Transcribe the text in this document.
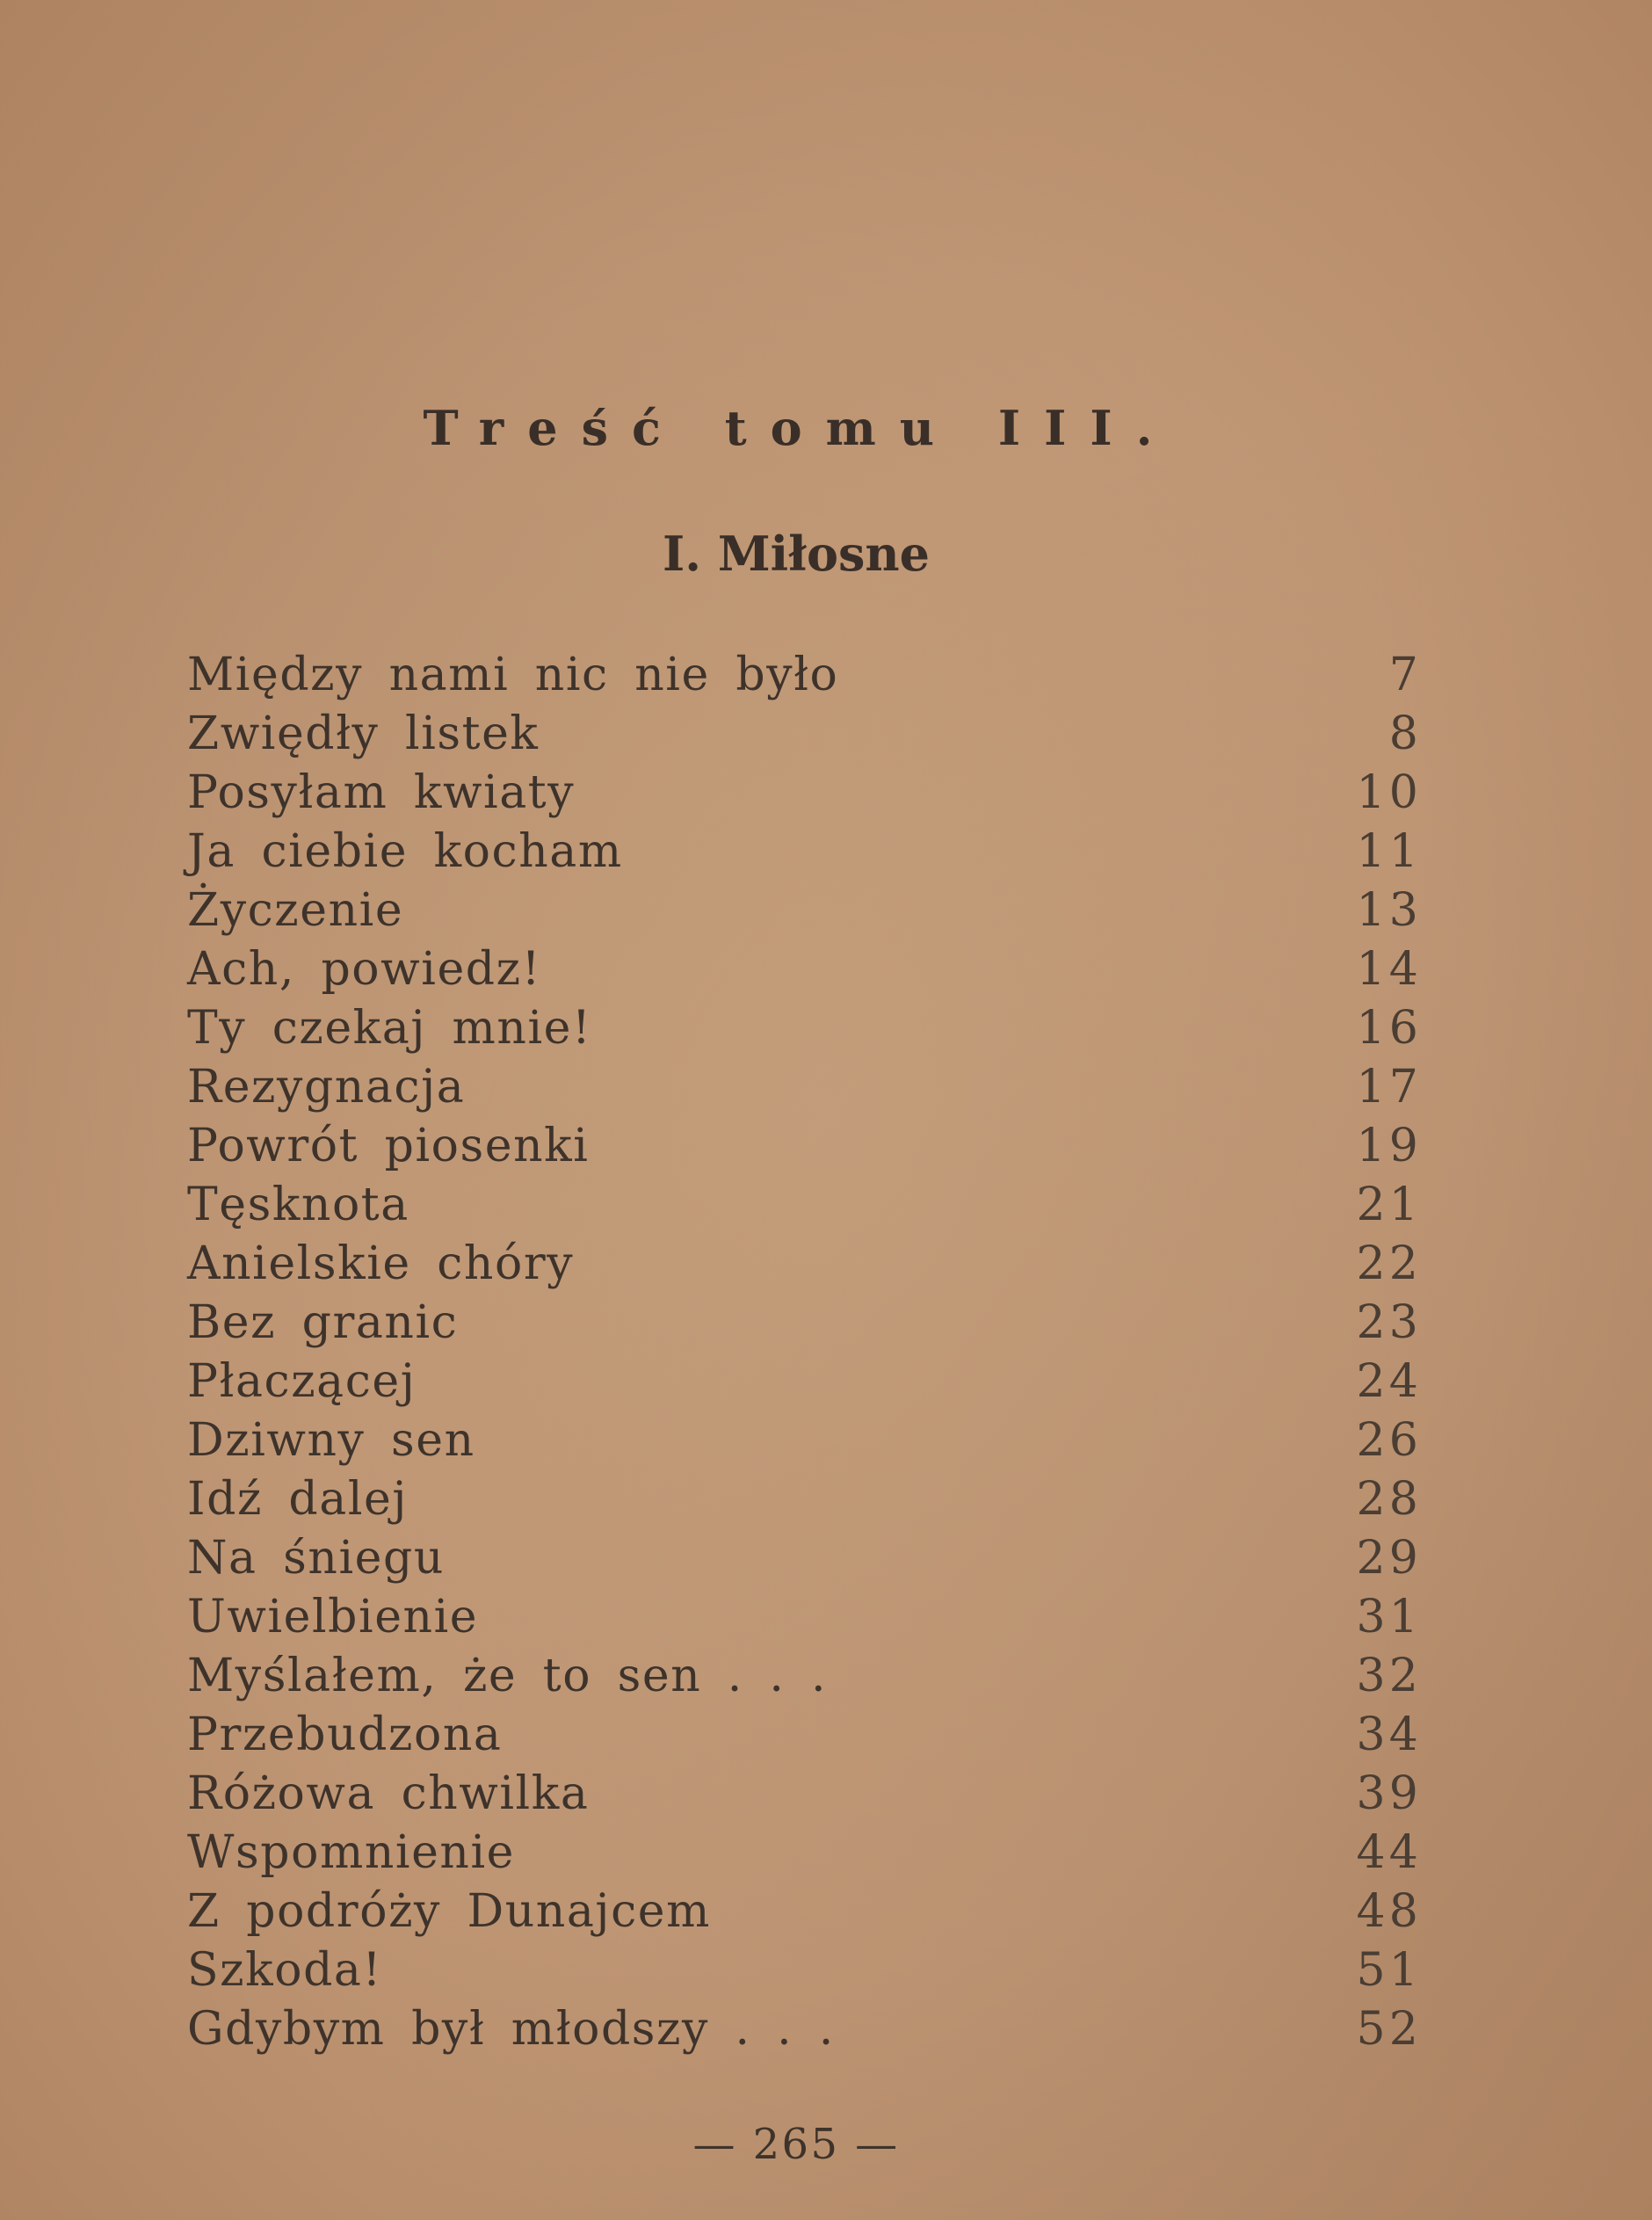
Treść tomu III.
I. Miłosne
Między nami nic nie było	7
Zwiędły listek	8
Posyłam kwiaty	10
Ja ciebie kocham	11
Życzenie	13
Ach, powiedz!	14
Ty czekaj mnie!	16
Rezygnacja	17
Powrót piosenki	19
Tęsknota	21
Anielskie chóry	22
Bez granic	23
Płaczącej	24
Dziwny sen	26
Idź dalej	28
Na śniegu	29
Uwielbienie	31
Myślałem, że to sen . . .	32
Przebudzona	34
Różowa chwilka	39
Wspomnienie	44
Z podróży Dunajcem	48
Szkoda!	51
Gdybym był młodszy . . .	52
— 265 —
